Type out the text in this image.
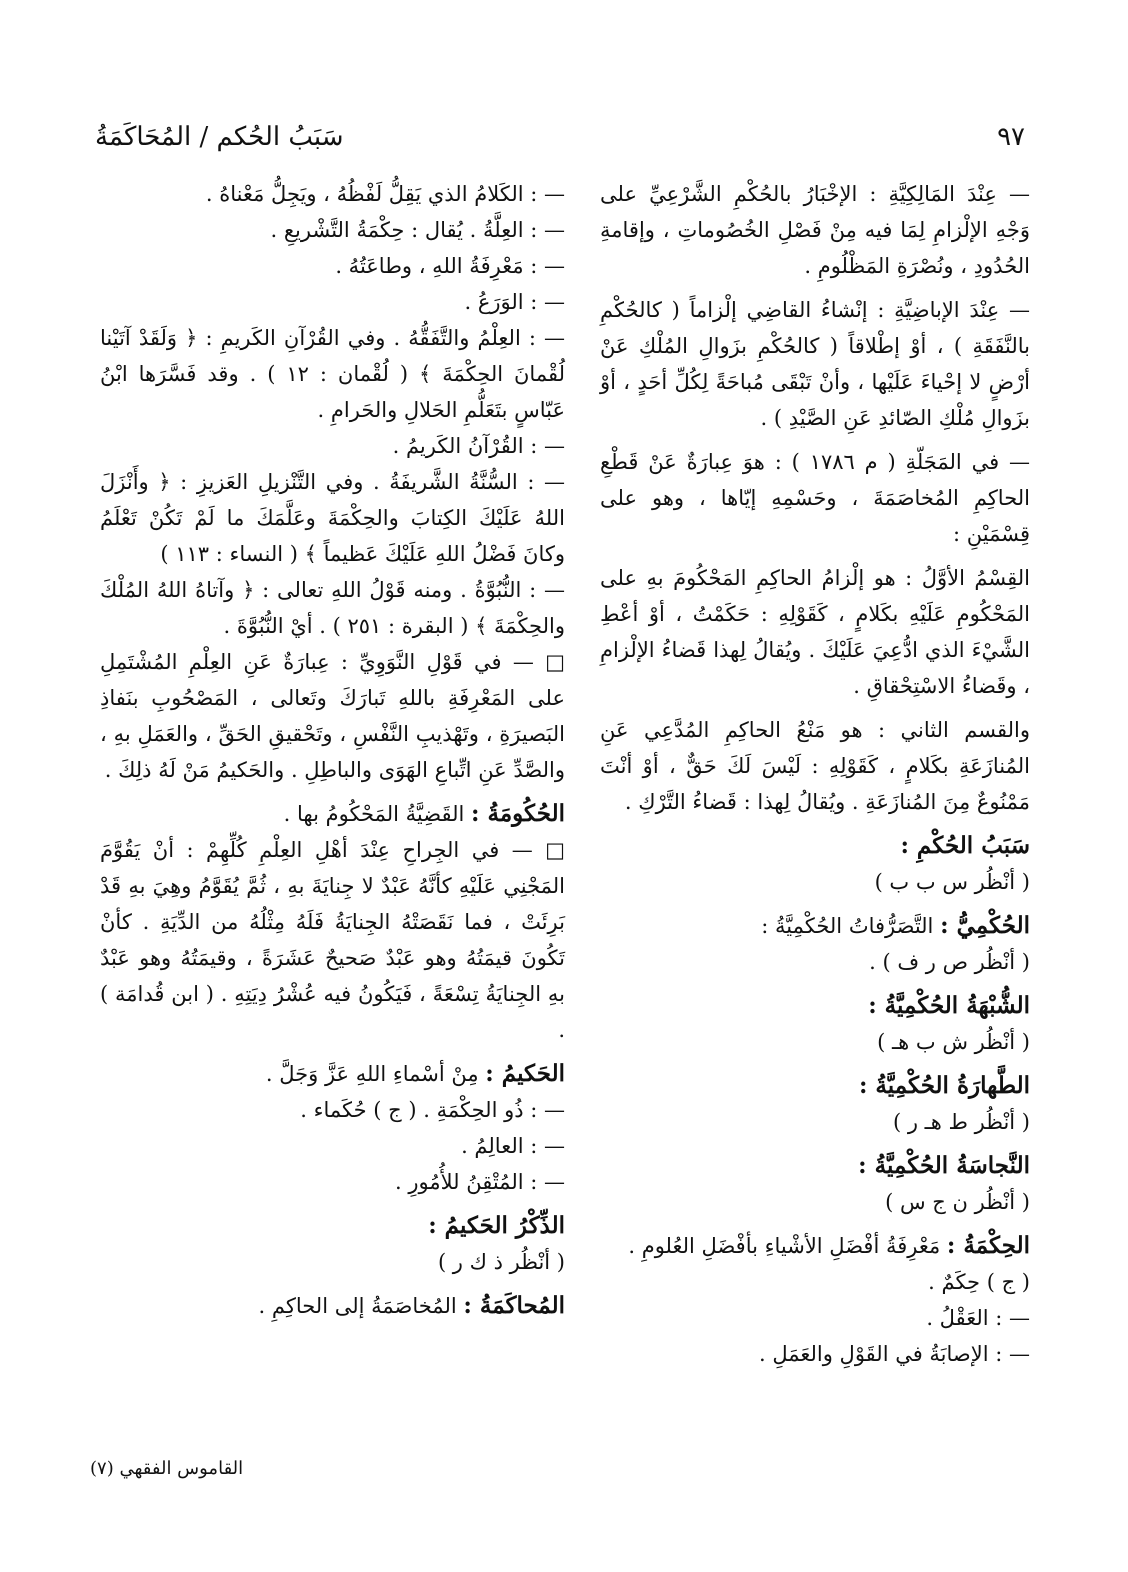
سَبَبُ الحُكم / المُحَاكَمَةُ	٩٧

— عِنْدَ المَالِكِيَّةِ : الإخْبَارُ بالحُكْمِ الشَّرْعِيِّ على وَجْهِ الإلْزامِ لِمَا فيه مِنْ فَصْلِ الخُصُوماتِ ، وإقامةِ الحُدُودِ ، ونُصْرَةِ المَظْلُومِ .

— عِنْدَ الإباضِيَّةِ : إنْشاءُ القاضِي إلْزاماً ( كالحُكْمِ بالنَّفَقَةِ ) ، أوْ إطْلاقاً ( كالحُكْمِ بزَوالِ المُلْكِ عَنْ أرْضٍ لا إحْياءَ عَلَيْها ، وأنْ تَبْقَى مُباحَةً لِكُلِّ أحَدٍ ، أوْ بزَوالِ مُلْكِ الصّائدِ عَنِ الصَّيْدِ ) .

— في المَجَلّةِ ( م ١٧٨٦ ) : هوَ عِبارَةٌ عَنْ قَطْعِ الحاكِمِ المُخاصَمَةَ ، وحَسْمِهِ إيّاها ، وهو على قِسْمَيْنِ :

القِسْمُ الأوَّلُ : هو إلْزامُ الحاكِمِ المَحْكُومَ بهِ على المَحْكُومِ عَلَيْهِ بكَلامٍ ، كَقَوْلِهِ : حَكَمْتُ ، أوْ أعْطِ الشَّيْءَ الذي ادُّعِيَ عَلَيْكَ . ويُقالُ لِهذا قَضاءُ الإلْزامِ ، وقَضاءُ الاسْتِحْقاقِ .

والقسم الثاني : هو مَنْعُ الحاكِمِ المُدَّعِي عَنِ المُنازَعَةِ بكَلامٍ ، كَقَوْلِهِ : لَيْسَ لَكَ حَقٌّ ، أوْ أنْتَ مَمْنُوعٌ مِنَ المُنازَعَةِ . ويُقالُ لِهذا : قَضاءُ التَّرْكِ .

سَبَبُ الحُكْمِ :

( أنْظُر س ب ب )

الحُكْمِيُّ : التَّصَرُّفاتُ الحُكْمِيَّةُ :

( أنْظُر ص ر ف ) .

الشُّبْهَةُ الحُكْمِيَّةُ :

( أنْظُر ش ب هـ )

الطَّهارَةُ الحُكْمِيَّةُ :

( أنْظُر ط هـ ر )

النَّجاسَةُ الحُكْمِيَّةُ :

( أنْظُر ن ج س )

الحِكْمَةُ : مَعْرِفَةُ أفْضَلِ الأشْياءِ بأفْضَلِ العُلومِ .

( ج ) حِكَمٌ .

— : العَقْلُ .

— : الإصابَةُ في القَوْلِ والعَمَلِ .

— : الكَلامُ الذي يَقِلُّ لَفْظُهُ ، ويَجِلُّ مَعْناهُ .

— : العِلَّةُ . يُقال : حِكْمَةُ التَّشْريعِ .

— : مَعْرِفَةُ اللهِ ، وطاعَتُهُ .

— : الوَرَعُ .

— : العِلْمُ والتَّفَقُّهُ . وفي القُرْآنِ الكَريمِ : ﴿ وَلَقَدْ آتَيْنا لُقْمانَ الحِكْمَةَ ﴾ ( لُقْمان : ١٢ ) . وقد فَسَّرَها ابْنُ عَبّاسٍ بتَعَلُّمِ الحَلالِ والحَرامِ .

— : القُرْآنُ الكَريمُ .

— : السُّنَّةُ الشَّريفَةُ . وفي التَّنْزيلِ العَزيزِ : ﴿ وأَنْزَلَ اللهُ عَلَيْكَ الكِتابَ والحِكْمَةَ وعَلَّمَكَ ما لَمْ تَكُنْ تَعْلَمُ وكانَ فَضْلُ اللهِ عَلَيْكَ عَظيماً ﴾ ( النساء : ١١٣ )

— : النُّبُوَّةُ . ومنه قَوْلُ اللهِ تعالى : ﴿ وآتاهُ اللهُ المُلْكَ والحِكْمَةَ ﴾ ( البقرة : ٢٥١ ) . أيْ النُّبُوَّةَ .

□ — في قَوْلِ النَّوَوِيِّ : عِبارَةٌ عَنِ العِلْمِ المُشْتَمِلِ على المَعْرِفَةِ باللهِ تَبارَكَ وتَعالى ، المَصْحُوبِ بنَفاذِ البَصيرَةِ ، وتَهْذيبِ النَّفْسِ ، وتَحْقيقِ الحَقِّ ، والعَمَلِ بهِ ، والصَّدِّ عَنِ اتِّباعِ الهَوَى والباطِلِ . والحَكيمُ مَنْ لَهُ ذلِكَ .

الحُكُومَةُ : القَضِيَّةُ المَحْكُومُ بها .

□ — في الجِراحِ عِنْدَ أهْلِ العِلْمِ كُلِّهِمْ : أنْ يَقُوَّمَ المَجْنِي عَلَيْهِ كأنَّهُ عَبْدٌ لا جِنايَةَ بهِ ، ثُمَّ يُقَوَّمُ وهِيَ بهِ قَدْ بَرِئَتْ ، فما نَقَصَتْهُ الجِنايَةُ فَلَهُ مِثْلُهُ من الدِّيَةِ . كأنْ تَكُونَ قيمَتُهُ وهو عَبْدٌ صَحيحٌ عَشَرَةً ، وقيمَتُهُ وهو عَبْدٌ بهِ الجِنايَةُ تِسْعَةً ، فَيَكُونُ فيه عُشْرُ دِيَتِهِ . ( ابن قُدامَة ) .

الحَكيمُ : مِنْ أسْماءِ اللهِ عَزَّ وَجَلَّ .

— : ذُو الحِكْمَةِ . ( ج ) حُكَماء .

— : العالِمُ .

— : المُتْقِنُ للأُمُورِ .

الذِّكْرُ الحَكيمُ :

( أنْظُر ذ ك ر )

المُحاكَمَةُ : المُخاصَمَةُ إلى الحاكِمِ .

القاموس الفقهي (٧)
